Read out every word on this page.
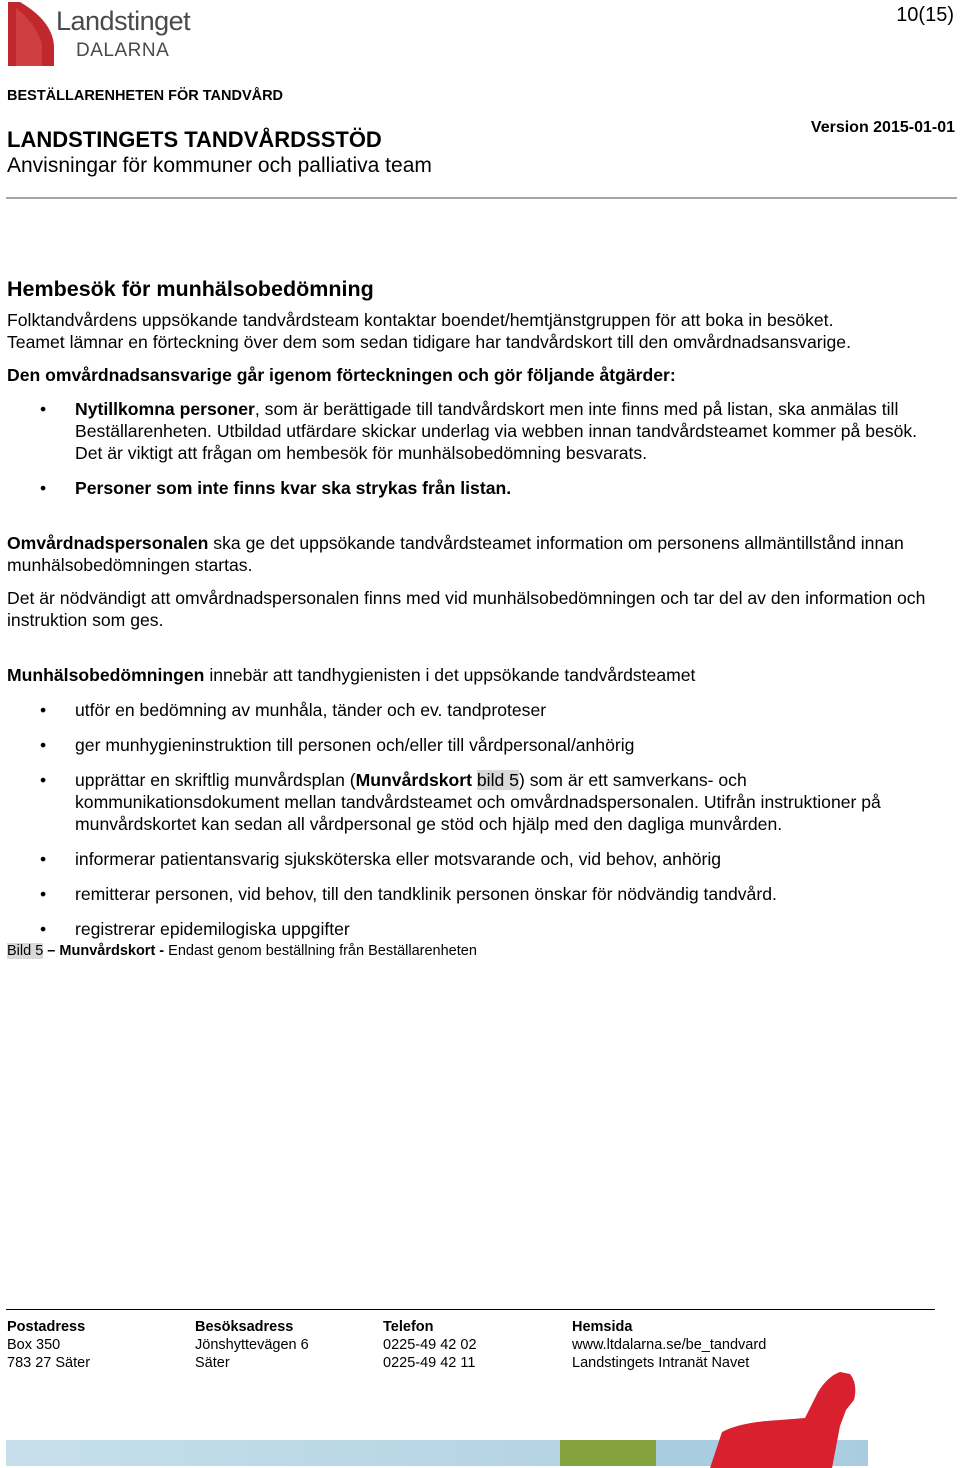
Landstinget
DALARNA
10(15)
BESTÄLLARENHETEN FÖR TANDVÅRD
LANDSTINGETS TANDVÅRDSSTÖD
Anvisningar för kommuner och palliativa team
Version 2015-01-01
Hembesök för munhälsobedömning

Folktandvårdens uppsökande tandvårdsteam kontaktar boendet/hemtjänstgruppen för att boka in besöket.

Teamet lämnar en förteckning över dem som sedan tidigare har tandvårdskort till den omvårdnadsansvarige.

Den omvårdnadsansvarige går igenom förteckningen och gör följande åtgärder:

• Nytillkomna personer, som är berättigade till tandvårdskort men inte finns med på listan, ska anmälas till Beställarenheten. Utbildad utfärdare skickar underlag via webben innan tandvårdsteamet kommer på besök. Det är viktigt att frågan om hembesök för munhälsobedömning besvarats.
• Personer som inte finns kvar ska strykas från listan.

Omvårdnadspersonalen ska ge det uppsökande tandvårdsteamet information om personens allmäntillstånd innan munhälsobedömningen startas.

Det är nödvändigt att omvårdnadspersonalen finns med vid munhälsobedömningen och tar del av den information och instruktion som ges.

Munhälsobedömningen innebär att tandhygienisten i det uppsökande tandvårdsteamet

• utför en bedömning av munhåla, tänder och ev. tandproteser
• ger munhygieninstruktion till personen och/eller till vårdpersonal/anhörig
• upprättar en skriftlig munvårdsplan (Munvårdskort bild 5) som är ett samverkans- och kommunikationsdokument mellan tandvårdsteamet och omvårdnadspersonalen. Utifrån instruktioner på munvårdskortet kan sedan all vårdpersonal ge stöd och hjälp med den dagliga munvården.
• informerar patientansvarig sjuksköterska eller motsvarande och, vid behov, anhörig
• remitterar personen, vid behov, till den tandklinik personen önskar för nödvändig tandvård.
• registrerar epidemilogiska uppgifter

Bild 5 – Munvårdskort - Endast genom beställning från Beställarenheten

Postadress
Box 350
783 27 Säter
Besöksadress
Jönshyttevägen 6
Säter
Telefon
0225-49 42 02
0225-49 42 11
Hemsida
www.ltdalarna.se/be_tandvard
Landstingets Intranät Navet
